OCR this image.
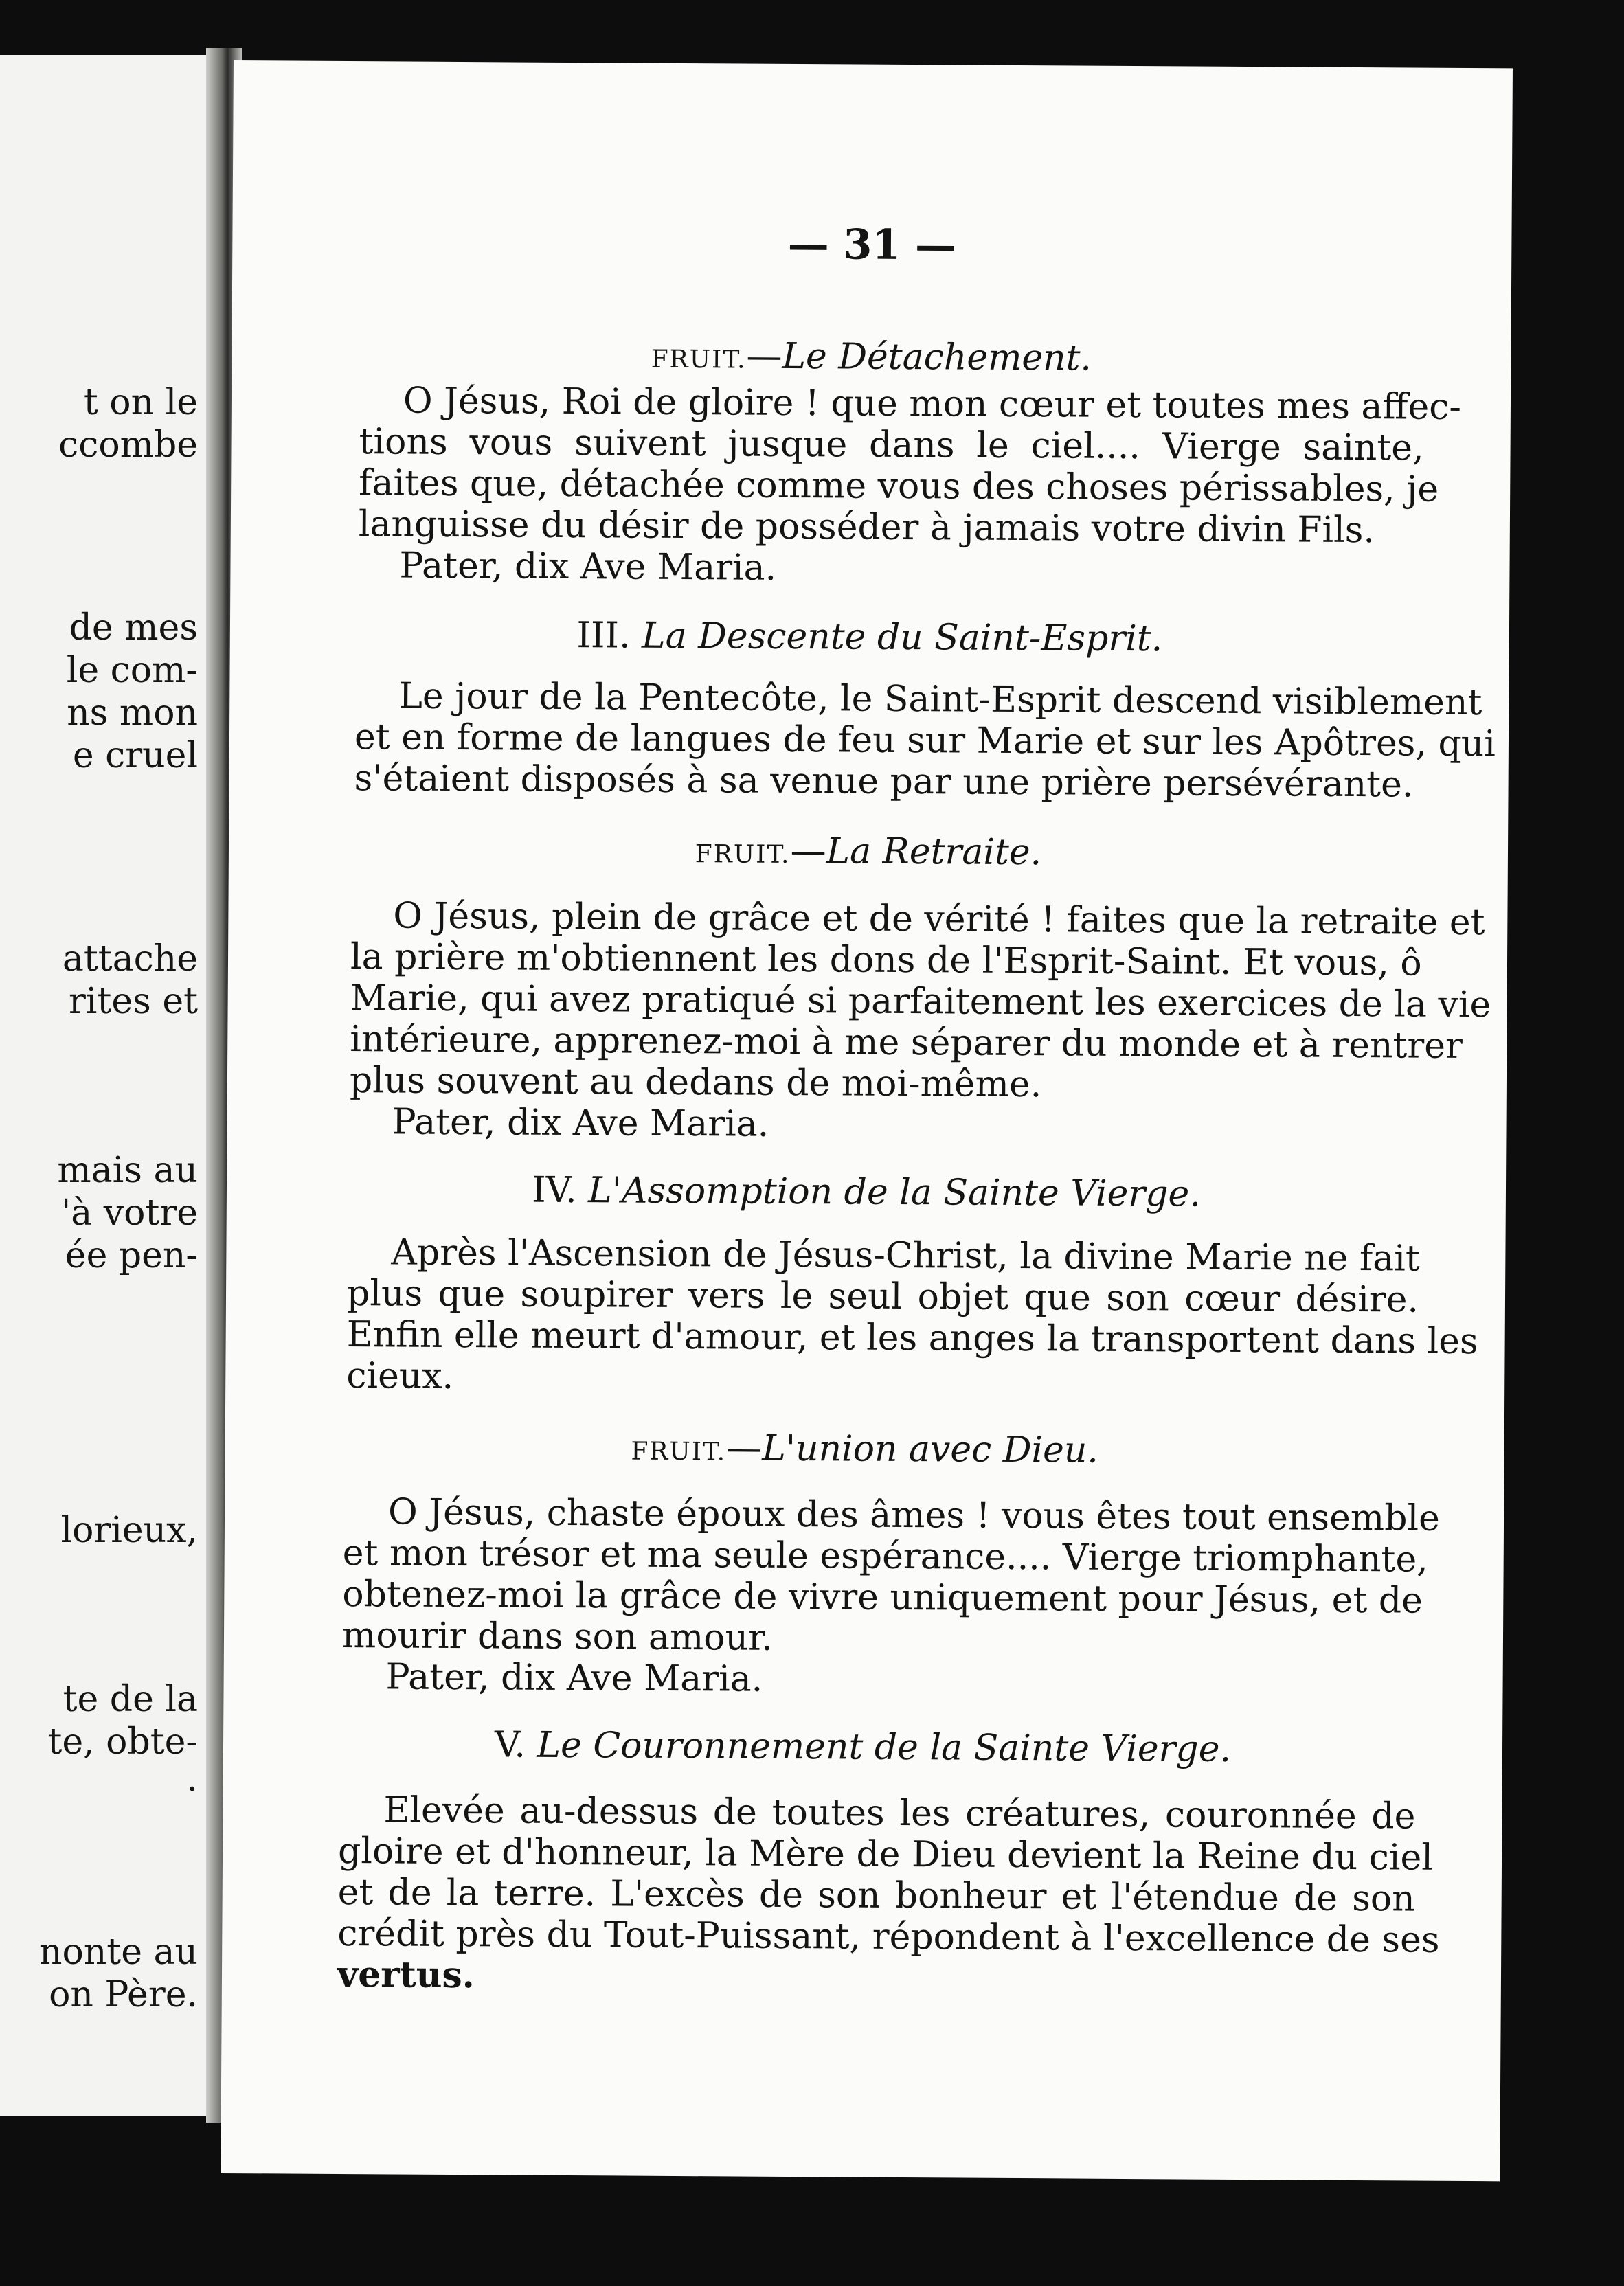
t on le
ccombe
de mes
le com-
ns mon
e cruel
attache
rites et
mais au
'à votre
ée pen-
lorieux,
te de la
te, obte-
.
nonte au
on Père.
— 31 —
FRUIT.—Le Détachement.
O Jésus, Roi de gloire ! que mon cœur et toutes mes affec-
tions vous suivent jusque dans le ciel.... Vierge sainte,
faites que, détachée comme vous des choses périssables, je
languisse du désir de posséder à jamais votre divin Fils.
Pater, dix Ave Maria.
III. La Descente du Saint-Esprit.
Le jour de la Pentecôte, le Saint-Esprit descend visiblement
et en forme de langues de feu sur Marie et sur les Apôtres, qui
s'étaient disposés à sa venue par une prière persévérante.
FRUIT.—La Retraite.
O Jésus, plein de grâce et de vérité ! faites que la retraite et
la prière m'obtiennent les dons de l'Esprit-Saint. Et vous, ô
Marie, qui avez pratiqué si parfaitement les exercices de la vie
intérieure, apprenez-moi à me séparer du monde et à rentrer
plus souvent au dedans de moi-même.
Pater, dix Ave Maria.
IV. L'Assomption de la Sainte Vierge.
Après l'Ascension de Jésus-Christ, la divine Marie ne fait
plus que soupirer vers le seul objet que son cœur désire.
Enfin elle meurt d'amour, et les anges la transportent dans les
cieux.
FRUIT.—L'union avec Dieu.
O Jésus, chaste époux des âmes ! vous êtes tout ensemble
et mon trésor et ma seule espérance.... Vierge triomphante,
obtenez-moi la grâce de vivre uniquement pour Jésus, et de
mourir dans son amour.
Pater, dix Ave Maria.
V. Le Couronnement de la Sainte Vierge.
Elevée au-dessus de toutes les créatures, couronnée de
gloire et d'honneur, la Mère de Dieu devient la Reine du ciel
et de la terre. L'excès de son bonheur et l'étendue de son
crédit près du Tout-Puissant, répondent à l'excellence de ses
vertus.
